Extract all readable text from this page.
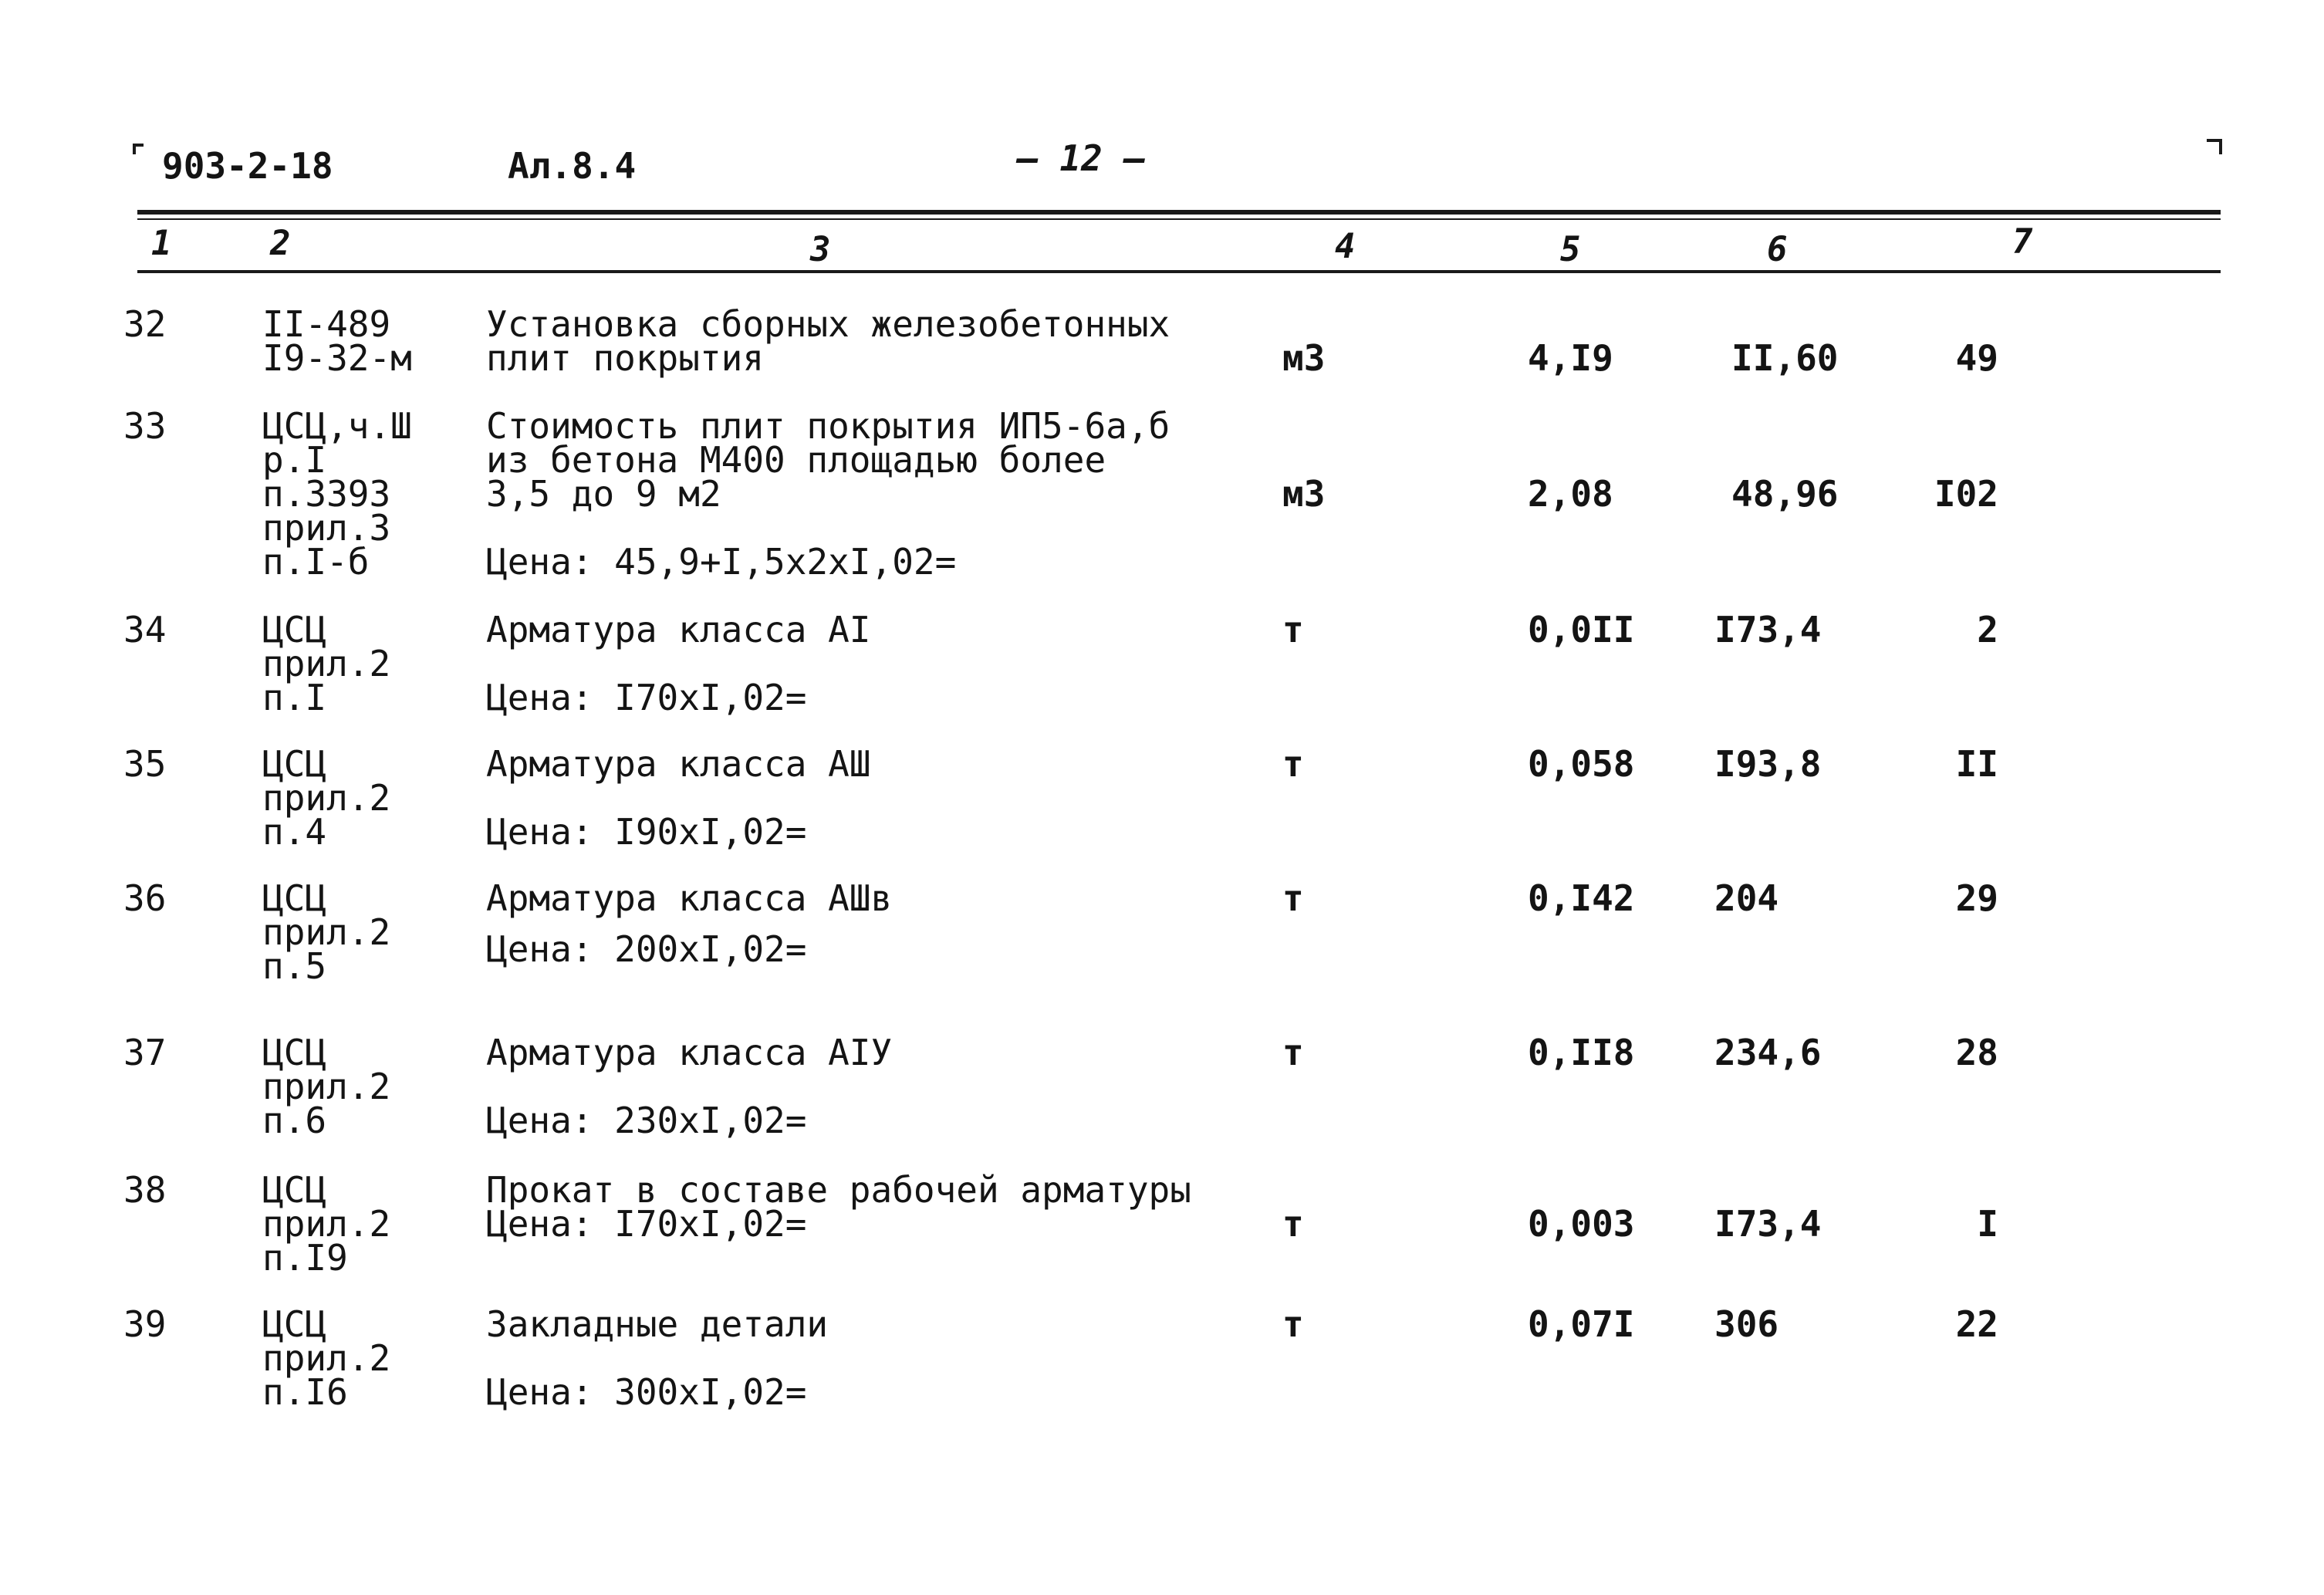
903-2-18	Ал.8.4	– 12 –
1	2	3	4	5	6	7
32	II-489
I9-32-м
Установка сборных железобетонных
плит покрытия	м3	4,I9	II,60	49
33	ЦСЦ,ч.Ш
р.I
п.3393
прил.3
п.I-б
Стоимость плит покрытия ИП5-6а,б
из бетона М400 площадью более
3,5 до 9 м2
Цена: 45,9+I,5х2хI,02=
м3	2,08	48,96	I02
34	ЦСЦ
прил.2
п.I
Арматура класса АI
Цена: I70хI,02=
т	0,0II I73,4	2
35	ЦСЦ
прил.2
п.4
Арматура класса АШ
Цена: I90хI,02=
т	0,058 I93,8	II
36	ЦСЦ
прил.2
п.5
Арматура класса АШв
Цена: 200хI,02=
т	0,I42 204	29
37	ЦСЦ
прил.2
п.6
Арматура класса АIУ
Цена: 230хI,02=
т	0,II8 234,6	28
38	ЦСЦ
прил.2
п.I9
Прокат в составе рабочей арматуры
Цена: I70хI,02=	т	0,003 I73,4	I
39	ЦСЦ
прил.2
п.I6
Закладные детали
Цена: 300хI,02=
т	0,07I 306	22
